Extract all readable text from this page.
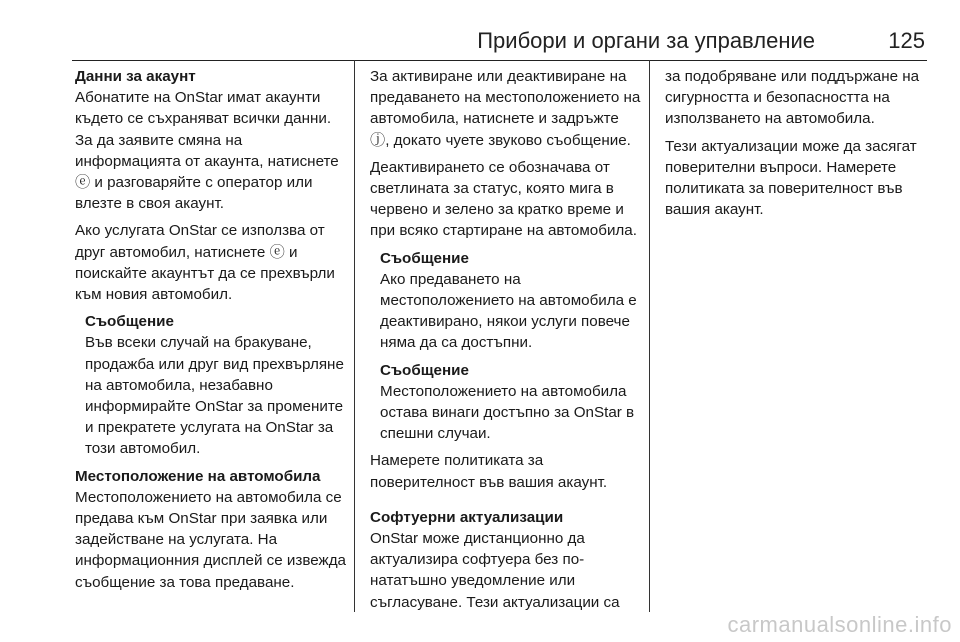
Прибори и органи за управление	125
Данни за акаунт

Абонатите на OnStar имат акаунти където се съхраняват всички данни. За да заявите смяна на информацията от акаунта, натиснете ⓔ и разговаряйте с оператор или влезте в своя акаунт.

Ако услугата OnStar се използва от друг автомобил, натиснете ⓔ и поискайте акаунтът да се прехвърли към новия автомобил.

Съобщение

Във всеки случай на бракуване, продажба или друг вид прехвърляне на автомобила, незабавно информирайте OnStar за промените и прекратете услугата на OnStar за този автомобил.

Местоположение на автомобила

Местоположението на автомобила се предава към OnStar при заявка или задействане на услугата. На информационния дисплей се извежда съобщение за това предаване.

За активиране или деактивиране на предаването на местоположението на автомобила, натиснете и задръжте ⓙ, докато чуете звуково съобщение.

Деактивирането се обозначава от светлината за статус, която мига в червено и зелено за кратко време и при всяко стартиране на автомобила.

Съобщение

Ако предаването на местоположението на автомобила е деактивирано, някои услуги повече няма да са достъпни.

Съобщение

Местоположението на автомобила остава винаги достъпно за OnStar в спешни случаи.

Намерете политиката за поверителност във вашия акаунт.

Софтуерни актуализации

OnStar може дистанционно да актуализира софтуера без по-нататъшно уведомление или съгласуване. Тези актуализации са

за подобряване или поддържане на сигурността и безопасността на използването на автомобила.

Тези актуализации може да засягат поверителни въпроси. Намерете политиката за поверителност във вашия акаунт.

carmanualsonline.info
